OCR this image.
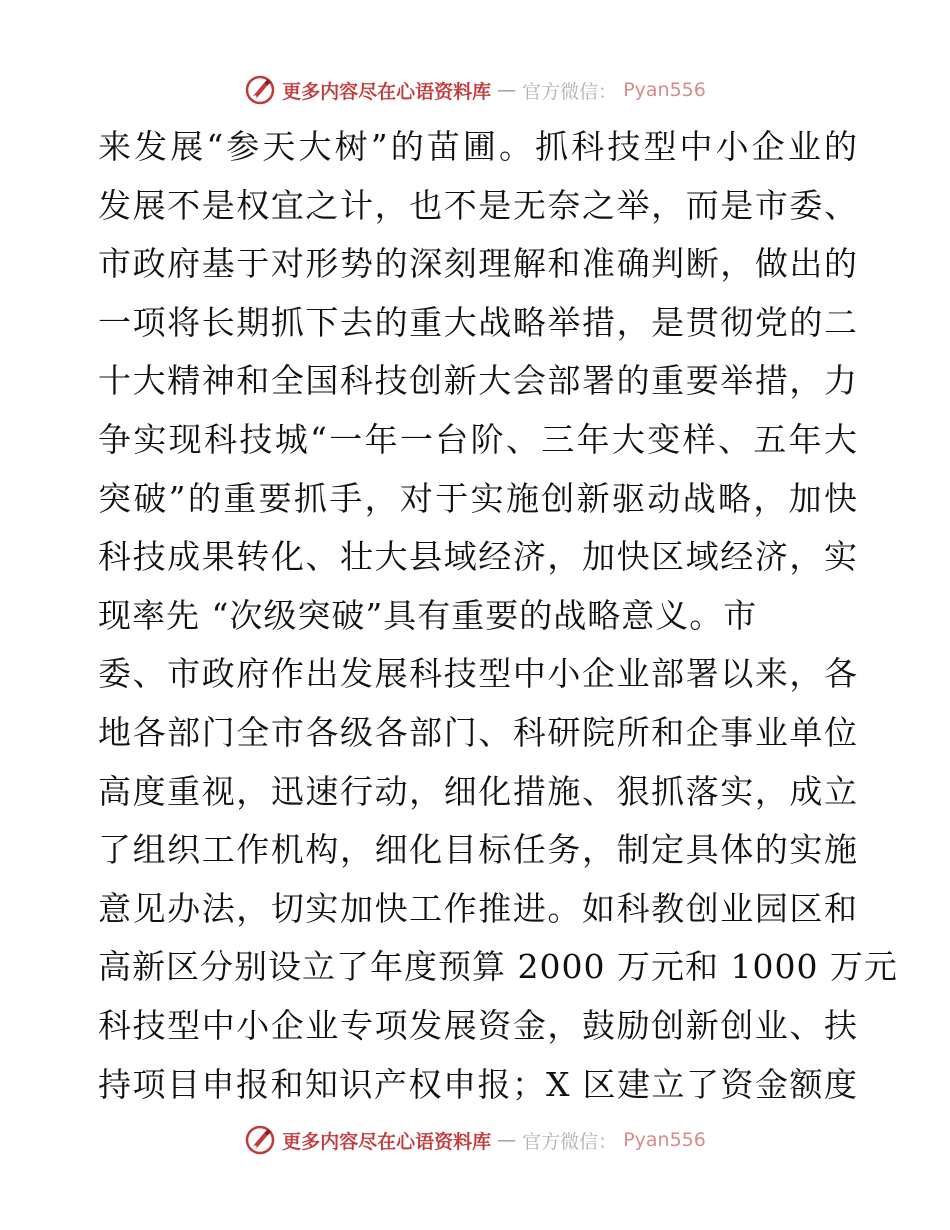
更多内容尽在心语资料库 — 官方微信： Pyan556
来发展“参天大树”的苗圃。抓科技型中小企业的
发展不是权宜之计，也不是无奈之举，而是市委、
市政府基于对形势的深刻理解和准确判断，做出的
一项将长期抓下去的重大战略举措，是贯彻党的二
十大精神和全国科技创新大会部署的重要举措，力
争实现科技城“一年一台阶、三年大变样、五年大
突破”的重要抓手，对于实施创新驱动战略，加快
科技成果转化、壮大县域经济，加快区域经济，实
现率先 “次级突破”具有重要的战略意义。市
委、市政府作出发展科技型中小企业部署以来，各
地各部门全市各级各部门、科研院所和企事业单位
高度重视，迅速行动，细化措施、狠抓落实，成立
了组织工作机构，细化目标任务，制定具体的实施
意见办法，切实加快工作推进。如科教创业园区和
高新区分别设立了年度预算 2000 万元和 1000 万元
科技型中小企业专项发展资金，鼓励创新创业、扶
持项目申报和知识产权申报；X 区建立了资金额度
更多内容尽在心语资料库 — 官方微信： Pyan556
